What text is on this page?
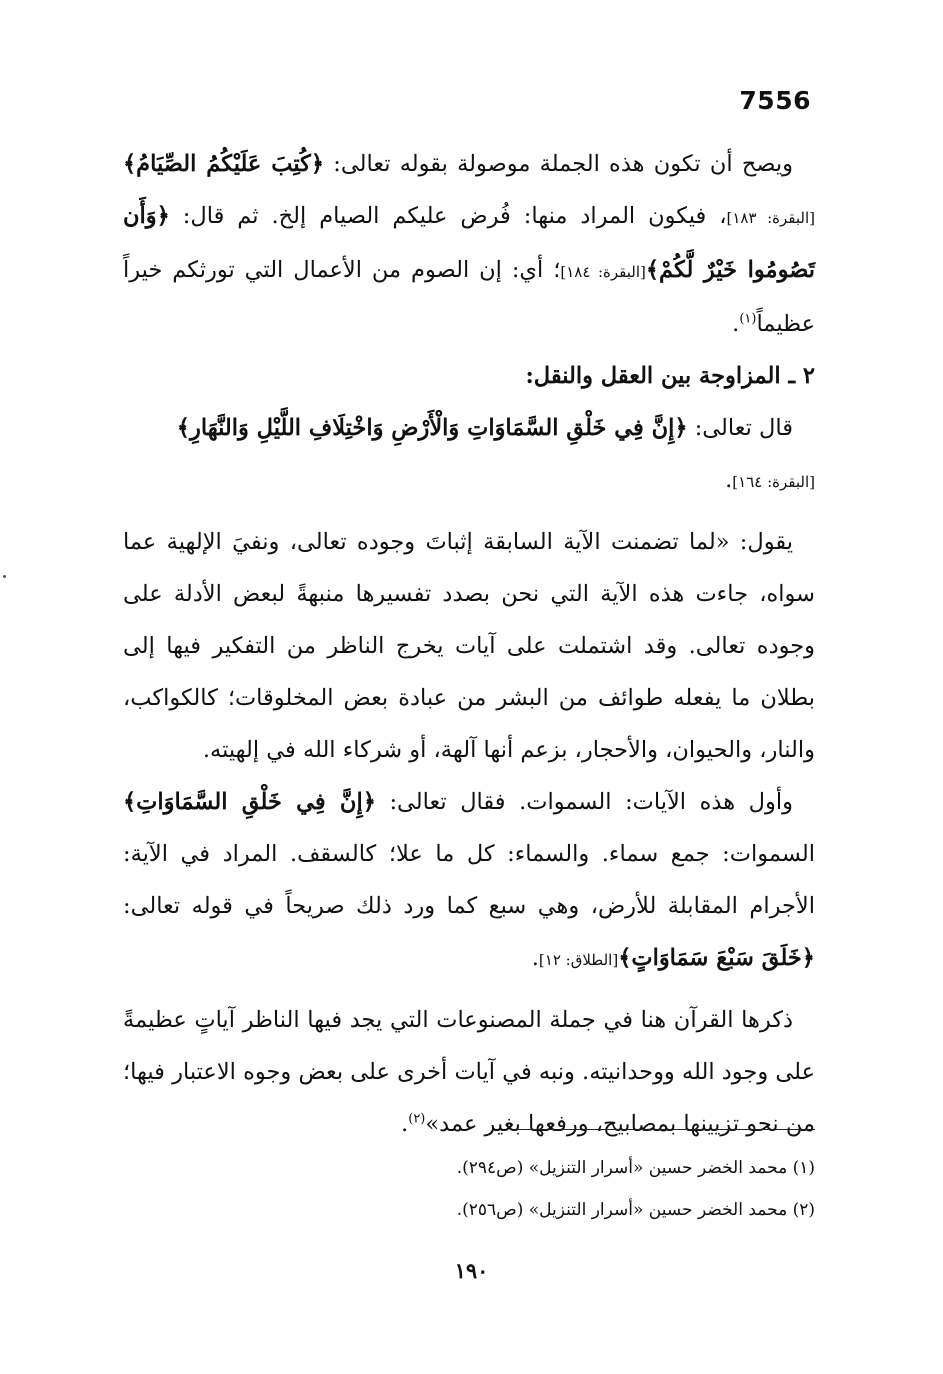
7556

ويصح أن تكون هذه الجملة موصولة بقوله تعالى: ﴿كُتِبَ عَلَيْكُمُ الصِّيَامُ﴾[البقرة: ١٨٣]، فيكون المراد منها: فُرض عليكم الصيام إلخ. ثم قال: ﴿وَأَن تَصُومُوا خَيْرٌ لَّكُمْ﴾[البقرة: ١٨٤]؛ أي: إن الصوم من الأعمال التي تورثكم خيراً عظيماً$^{(١)}$.

٢ ـ المزاوجة بين العقل والنقل:

قال تعالى: ﴿إِنَّ فِي خَلْقِ السَّمَاوَاتِ وَالْأَرْضِ وَاخْتِلَافِ اللَّيْلِ وَالنَّهَارِ﴾
[البقرة: ١٦٤].

يقول: «لما تضمنت الآية السابقة إثباتَ وجوده تعالى، ونفيَ الإلهية عما سواه، جاءت هذه الآية التي نحن بصدد تفسيرها منبهةً لبعض الأدلة على وجوده تعالى. وقد اشتملت على آيات يخرج الناظر من التفكير فيها إلى بطلان ما يفعله طوائف من البشر من عبادة بعض المخلوقات؛ كالكواكب، والنار، والحيوان، والأحجار، بزعم أنها آلهة، أو شركاء الله في إلهيته.

وأول هذه الآيات: السموات. فقال تعالى: ﴿إِنَّ فِي خَلْقِ السَّمَاوَاتِ﴾ السموات: جمع سماء. والسماء: كل ما علا؛ كالسقف. المراد في الآية: الأجرام المقابلة للأرض، وهي سبع كما ورد ذلك صريحاً في قوله تعالى: ﴿خَلَقَ سَبْعَ سَمَاوَاتٍ﴾[الطلاق: ١٢].

ذكرها القرآن هنا في جملة المصنوعات التي يجد فيها الناظر آياتٍ عظيمةً على وجود الله ووحدانيته. ونبه في آيات أخرى على بعض وجوه الاعتبار فيها؛ من نحو تزيينها بمصابيح، ورفعها بغير عمد»$^{(٢)}$.

(١) محمد الخضر حسين «أسرار التنزيل» (ص٢٩٤).

(٢) محمد الخضر حسين «أسرار التنزيل» (ص٢٥٦).

١٩٠
